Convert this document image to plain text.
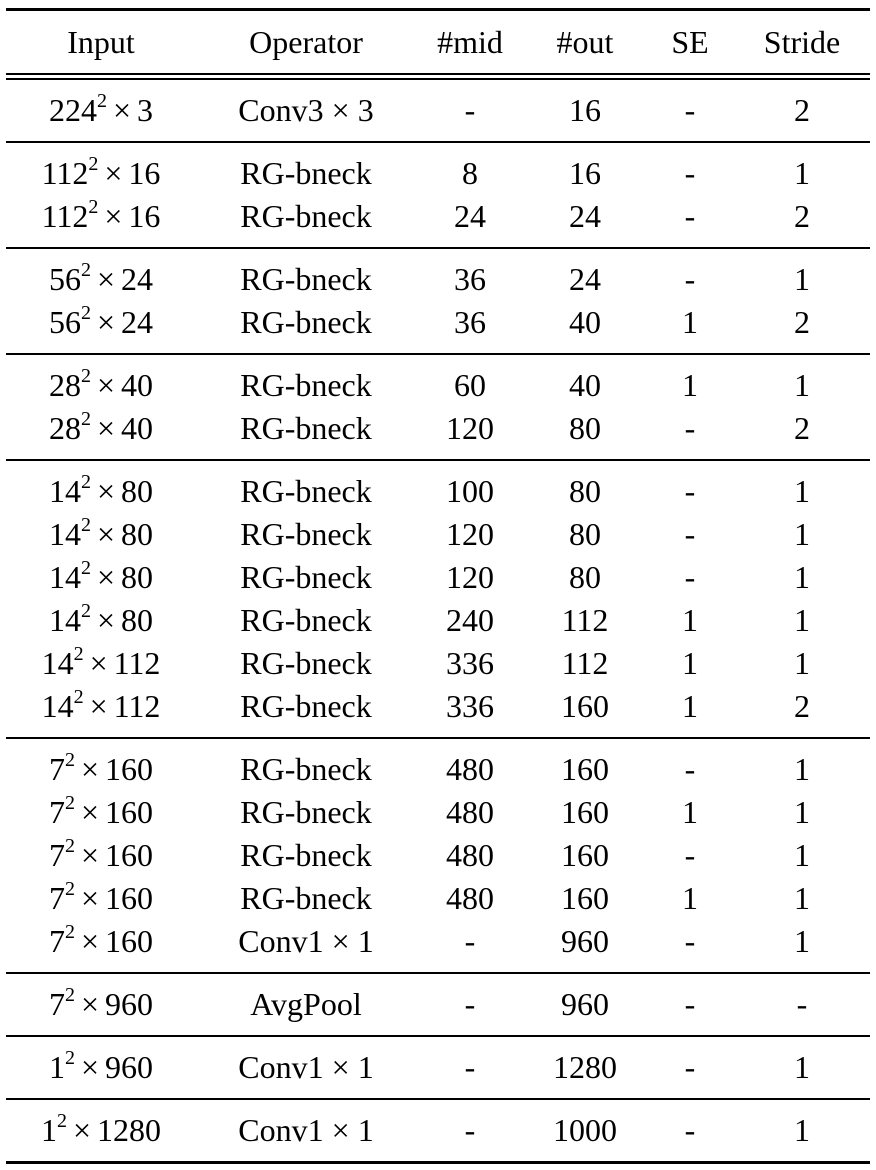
Input	Operator	#mid	#out	SE	Stride
$224^2 \times 3$	Conv3 × 3	-	16	-	2
$112^2 \times 16$	RG-bneck	8	16	-	1
$112^2 \times 16$	RG-bneck	24	24	-	2
$56^2 \times 24$	RG-bneck	36	24	-	1
$56^2 \times 24$	RG-bneck	36	40	1	2
$28^2 \times 40$	RG-bneck	60	40	1	1
$28^2 \times 40$	RG-bneck	120	80	-	2
$14^2 \times 80$	RG-bneck	100	80	-	1
$14^2 \times 80$	RG-bneck	120	80	-	1
$14^2 \times 80$	RG-bneck	120	80	-	1
$14^2 \times 80$	RG-bneck	240	112	1	1
$14^2 \times 112$	RG-bneck	336	112	1	1
$14^2 \times 112$	RG-bneck	336	160	1	2
$7^2 \times 160$	RG-bneck	480	160	-	1
$7^2 \times 160$	RG-bneck	480	160	1	1
$7^2 \times 160$	RG-bneck	480	160	-	1
$7^2 \times 160$	RG-bneck	480	160	1	1
$7^2 \times 160$	Conv1 × 1	-	960	-	1
$7^2 \times 960$	AvgPool	-	960	-	-
$1^2 \times 960$	Conv1 × 1	-	1280	-	1
$1^2 \times 1280$	Conv1 × 1	-	1000	-	1
